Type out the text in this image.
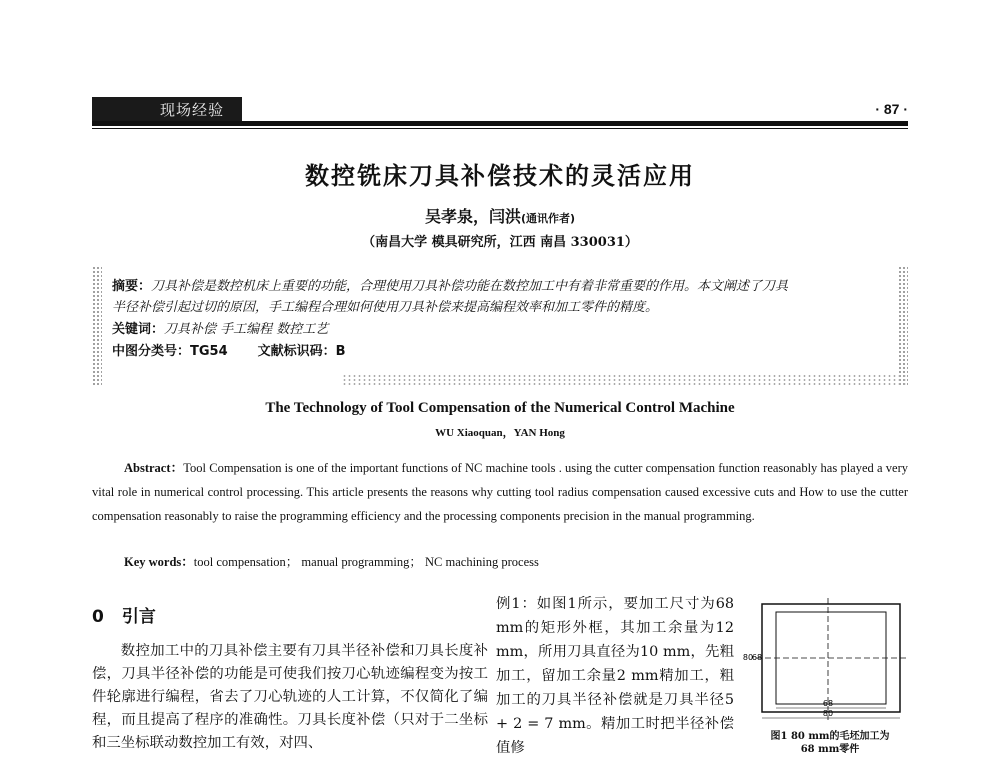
现场经验	· 87 ·
数控铣床刀具补偿技术的灵活应用
吴孝泉，闫洪(通讯作者)
（南昌大学 模具研究所，江西 南昌 330031）
摘要：刀具补偿是数控机床上重要的功能，合理使用刀具补偿功能在数控加工中有着非常重要的作用。本文阐述了刀具
半径补偿引起过切的原因，手工编程合理如何使用刀具补偿来提高编程效率和加工零件的精度。
关键词：刀具补偿 手工编程 数控工艺
中图分类号：TG54 文献标识码：B
The Technology of Tool Compensation of the Numerical Control Machine
WU Xiaoquan，YAN Hong
Abstract：Tool Compensation is one of the important functions of NC machine tools . using the cutter compensation function reasonably has played a very vital role in numerical control processing. This article presents the reasons why cutting tool radius compensation caused excessive cuts and How to use the cutter compensation reasonably to raise the programming efficiency and the processing components precision in the manual programming.
Key words：tool compensation； manual programming； NC machining process
0 引言

数控加工中的刀具补偿主要有刀具半径补偿和刀具长度补偿，刀具半径补偿的功能是可使我们按刀心轨迹编程变为按工件轮廓进行编程，省去了刀心轨迹的人工计算，不仅简化了编程，而且提高了程序的准确性。刀具长度补偿（只对于二坐标和三坐标联动数控加工有效，对四、

例1：如图1所示，要加工尺寸为68 mm的矩形外框，其加工余量为12 mm，所用刀具直径为10 mm，先粗加工，留加工余量2 mm精加工，粗加工的刀具半径补偿就是刀具半径5 + 2 = 7 mm。精加工时把半径补偿值修

68
80
80
68
图1 80 mm的毛坯加工为
68 mm零件
